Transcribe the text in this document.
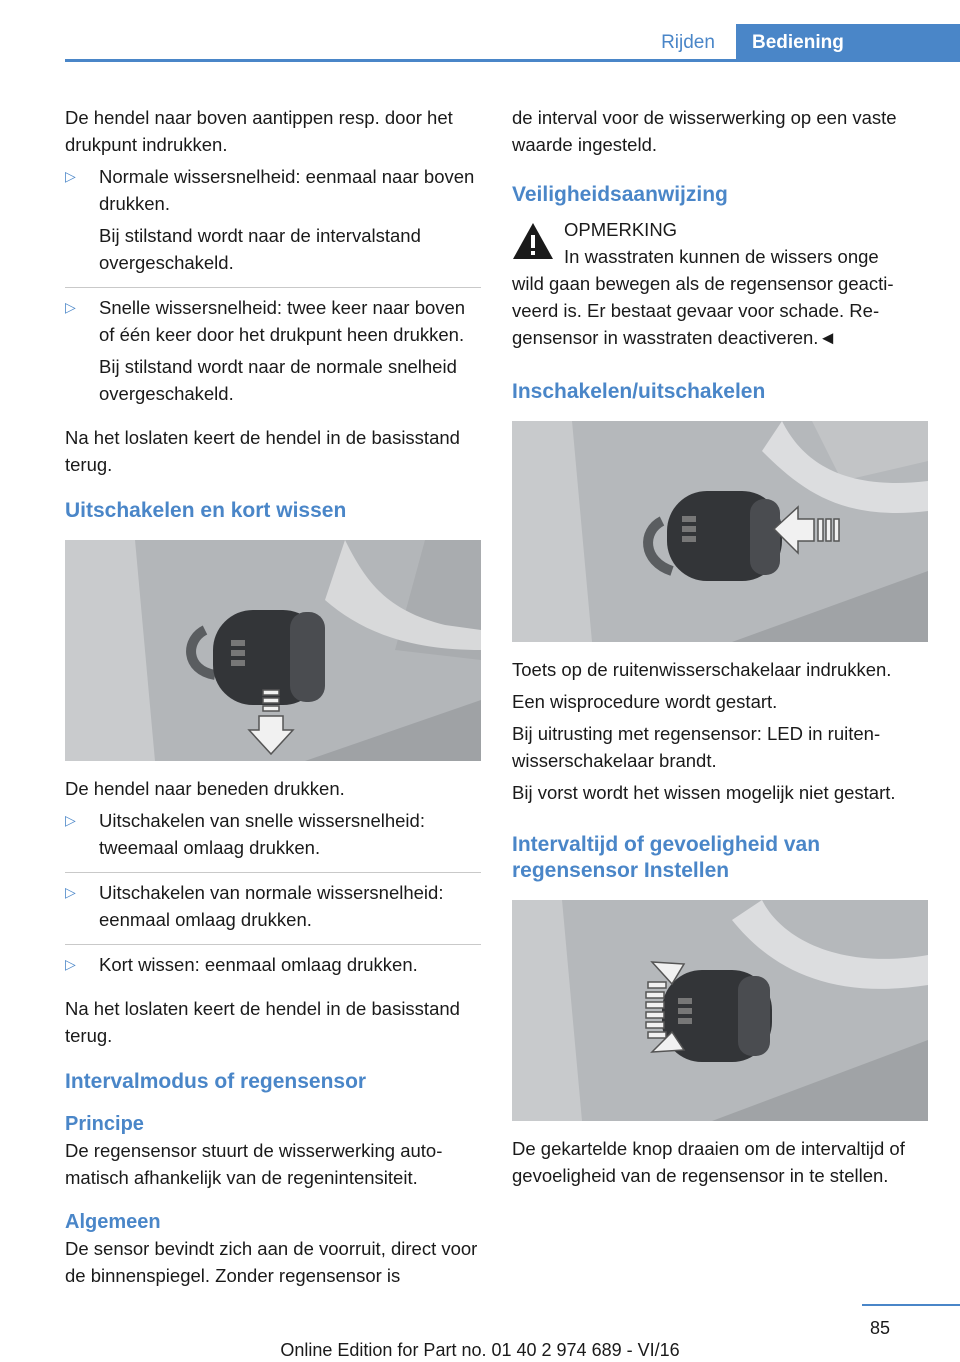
Rijden	Bediening

De hendel naar boven aantippen resp. door het drukpunt indrukken.

▷ Normale wissersnelheid: eenmaal naar boven drukken.
Bij stilstand wordt naar de intervalstand overgeschakeld.
▷ Snelle wissersnelheid: twee keer naar boven of één keer door het drukpunt heen drukken.
Bij stilstand wordt naar de normale snelheid overgeschakeld.

Na het loslaten keert de hendel in de basisstand terug.

Uitschakelen en kort wissen

De hendel naar beneden drukken.

▷ Uitschakelen van snelle wissersnelheid: tweemaal omlaag drukken.
▷ Uitschakelen van normale wissersnelheid: eenmaal omlaag drukken.
▷ Kort wissen: eenmaal omlaag drukken.

Na het loslaten keert de hendel in de basisstand terug.

Intervalmodus of regensensor
Principe

De regensensor stuurt de wisserwerking automatisch afhankelijk van de regenintensiteit.

Algemeen

De sensor bevindt zich aan de voorruit, direct voor de binnenspiegel. Zonder regensensor is

de interval voor de wisserwerking op een vaste waarde ingesteld.

Veiligheidsaanwijzing
OPMERKING
In wasstraten kunnen de wissers onge
wild gaan bewegen als de regensensor geactiveerd is. Er bestaat gevaar voor schade. Regensensor in wasstraten deactiveren.◄
Inschakelen/uitschakelen

Toets op de ruitenwisserschakelaar indrukken.

Een wisprocedure wordt gestart.

Bij uitrusting met regensensor: LED in ruitenwisserschakelaar brandt.

Bij vorst wordt het wissen mogelijk niet gestart.

Intervaltijd of gevoeligheid van regensensor Instellen

De gekartelde knop draaien om de intervaltijd of gevoeligheid van de regensensor in te stellen.

85
Online Edition for Part no. 01 40 2 974 689 - VI/16
